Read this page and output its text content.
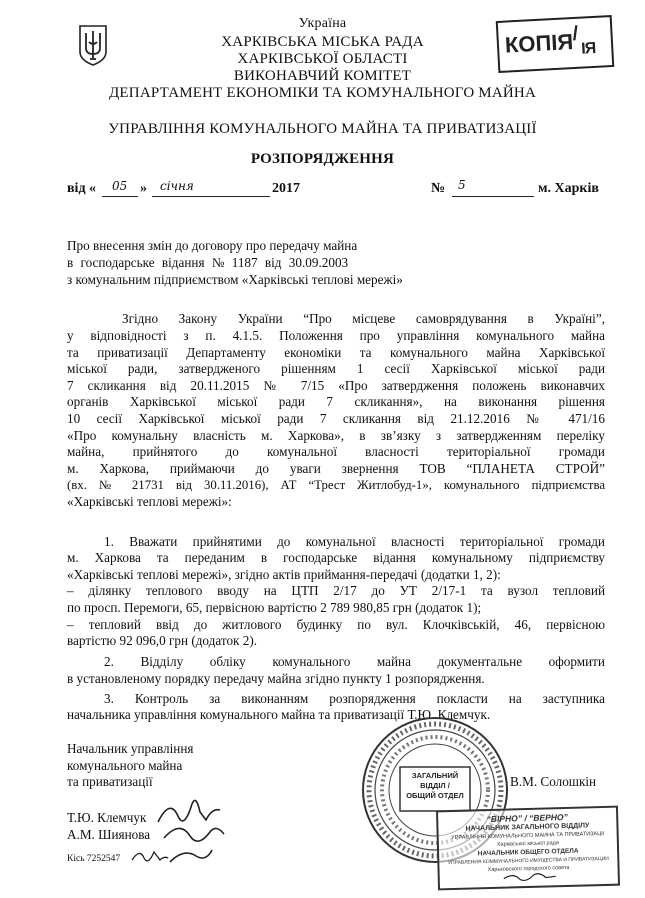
КОПІЯ
/
ІЯ
Україна
ХАРКІВСЬКА МІСЬКА РАДА
ХАРКІВСЬКОЇ ОБЛАСТІ
ВИКОНАВЧИЙ КОМІТЕТ
ДЕПАРТАМЕНТ ЕКОНОМІКИ ТА КОМУНАЛЬНОГО МАЙНА
УПРАВЛІННЯ КОМУНАЛЬНОГО МАЙНА ТА ПРИВАТИЗАЦІЇ
РОЗПОРЯДЖЕННЯ
від « 05 » січня	2017	№ 5	м. Харків
Про внесення змін до договору про передачу майна
в господарське відання № 1187 від 30.09.2003
з комунальним підприємством «Харківські теплові мережі»
Згідно Закону України “Про місцеве самоврядування в Україні”,
у відповідності з п. 4.1.5. Положення про управління комунального майна
та приватизації Департаменту економіки та комунального майна Харківської
міської ради, затвердженого рішенням 1 сесії Харківської міської ради
7 скликання від 20.11.2015 № 7/15 «Про затвердження положень виконавчих
органів Харківської міської ради 7 скликання», на виконання рішення
10 сесії Харківської міської ради 7 скликання від 21.12.2016 № 471/16
«Про комунальну власність м. Харкова», в зв’язку з затвердженням переліку
майна, прийнятого до комунальної власності територіальної громади
м. Харкова, приймаючи до уваги звернення ТОВ “ПЛАНЕТА СТРОЙ”
(вх. № 21731 від 30.11.2016), АТ “Трест Житлобуд-1», комунального підприємства
«Харківські теплові мережі»:
1. Вважати прийнятими до комунальної власності територіальної громади
м. Харкова та переданим в господарське відання комунальному підприємству
«Харківські теплові мережі», згідно актів приймання-передачі (додатки 1, 2):
– ділянку теплового вводу на ЦТП 2/17 до УТ 2/17-1 та вузол тепловий
по просп. Перемоги, 65, первісною вартістю 2 789 980,85 грн (додаток 1);
– тепловий ввід до житлового будинку по вул. Клочківській, 46, первісною
вартістю 92 096,0 грн (додаток 2).
2. Відділу обліку комунального майна документальне оформити
в установленому порядку передачу майна згідно пункту 1 розпорядження.
3. Контроль за виконанням розпорядження покласти на заступника
начальника управління комунального майна та приватизації Т.Ю. Клемчук.
ЗАГАЛЬНИЙ
ВІДДІЛ /
ОБЩИЙ ОТДЕЛ
Начальник управління
комунального майна
та приватизації	В.М. Солошкін
Т.Ю. Клемчук
А.М. Шиянова
Кісь 7252547
“ВІРНО” / “ВЕРНО”
НАЧАЛЬНИК ЗАГАЛЬНОГО ВІДДІЛУ
УПРАВЛІННЯ КОМУНАЛЬНОГО МАЙНА ТА ПРИВАТИЗАЦІЇ
Харківської міської ради
НАЧАЛЬНИК ОБЩЕГО ОТДЕЛА
УПРАВЛЕНИЯ КОММУНАЛЬНОГО ИМУЩЕСТВА И ПРИВАТИЗАЦИИ
Харьковского городского совета
